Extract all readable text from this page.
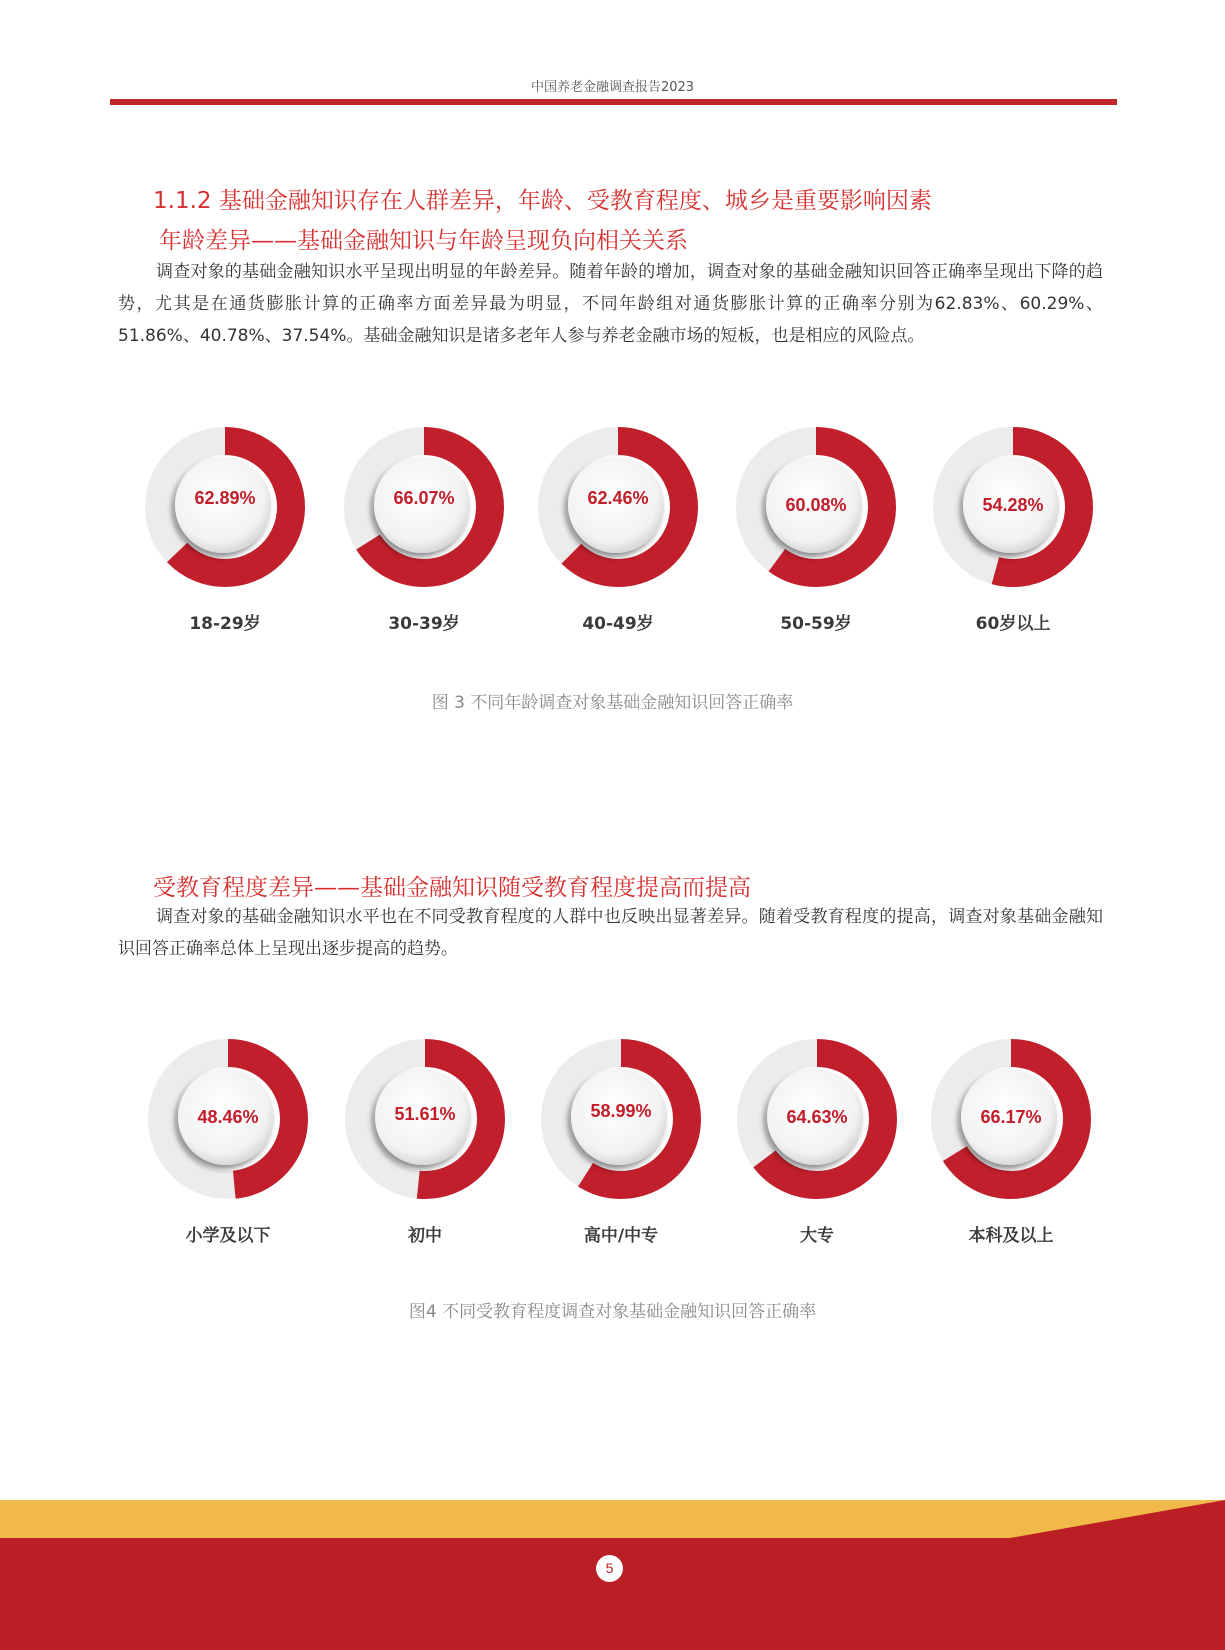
中国养老金融调查报告2023
1.1.2 基础金融知识存在人群差异，年龄、受教育程度、城乡是重要影响因素
年龄差异——基础金融知识与年龄呈现负向相关关系
调查对象的基础金融知识水平呈现出明显的年龄差异。随着年龄的增加，调查对象的基础金融知识回答正确率呈现出下降的趋势，尤其是在通货膨胀计算的正确率方面差异最为明显，不同年龄组对通货膨胀计算的正确率分别为62.83%、60.29%、51.86%、40.78%、37.54%。基础金融知识是诸多老年人参与养老金融市场的短板，也是相应的风险点。
62.89%
18-29岁
66.07%
30-39岁
62.46%
40-49岁
60.08%
50-59岁
54.28%
60岁以上
图 3 不同年龄调查对象基础金融知识回答正确率
受教育程度差异——基础金融知识随受教育程度提高而提高
调查对象的基础金融知识水平也在不同受教育程度的人群中也反映出显著差异。随着受教育程度的提高，调查对象基础金融知识回答正确率总体上呈现出逐步提高的趋势。
48.46%
小学及以下
51.61%
初中
58.99%
高中/中专
64.63%
大专
66.17%
本科及以上
图4 不同受教育程度调查对象基础金融知识回答正确率
5
